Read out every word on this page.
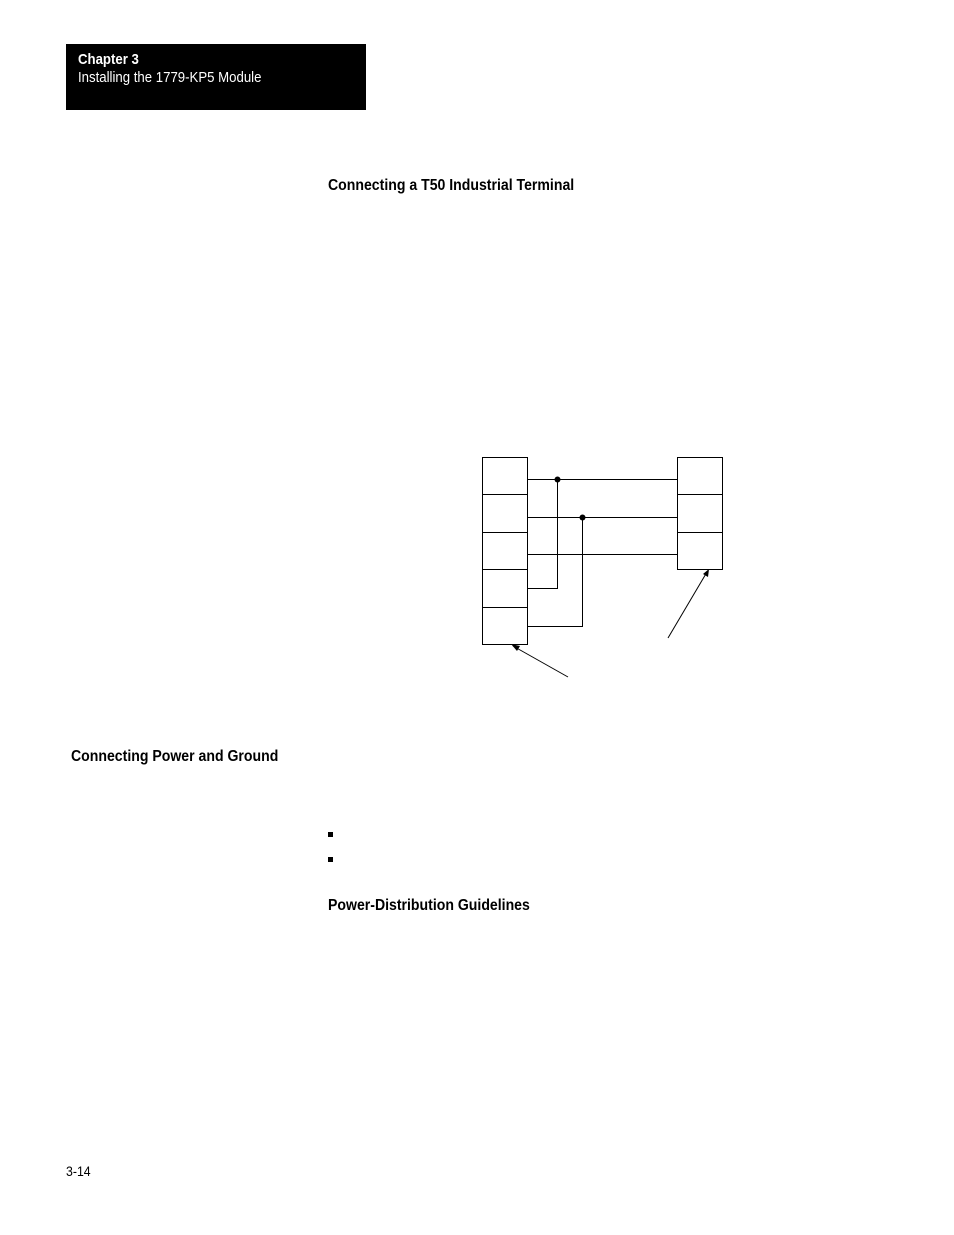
Chapter 3
Installing the 1779-KP5 Module
Connecting a T50 Industrial Terminal
Connecting Power and Ground
Power-Distribution Guidelines
3-14
